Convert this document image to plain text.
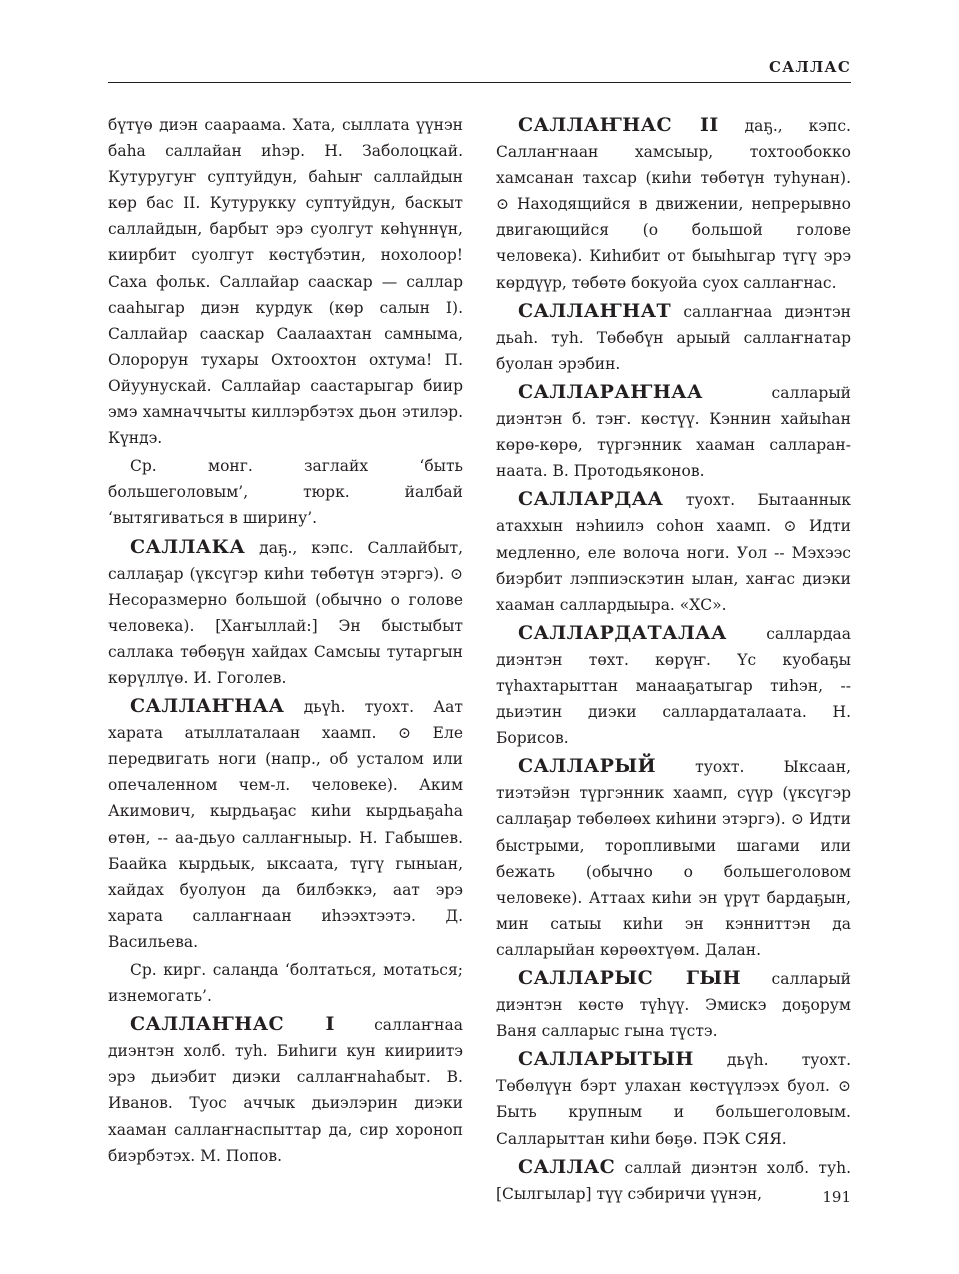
САЛЛАС

бүтүө диэн саараама. Хата, сыллата үүнэн баһа саллайан иһэр. Н. Заболоцкай. Кутуругуҥ суптуйдун, баһыҥ саллайдын көр бас II. Кутурукку суптуйдун, баскыт саллайдын, барбыт эрэ суолгут көһүннүн, киирбит суолгут көстүбэтин, нохолоор! Саха фольк. Саллайар сааскар — саллар сааһыгар диэн курдук (көр салын I). Саллайар сааскар Саалаахтан самныма, Олорорун тухары Охтоохтон охтума! П. Ойуунускай. Саллайар саастарыгар биир эмэ хамначчыты киллэрбэтэх дьон этилэр. Күндэ.

Ср. монг. заглайх ‘быть большеголовым’, тюрк. йалбай ‘вытягиваться в ширину’.

САЛЛАКА даҕ., кэпс. Саллайбыт, саллаҕар (үксүгэр киһи төбөтүн этэргэ). ⊙ Несоразмерно большой (обычно о голове человека). [Хаҥыллай:] Эн быстыбыт саллака төбөҕүн хайдах Самсыы тутаргын көрүллүө. И. Гоголев.

САЛЛАҤНАА дьүһ. туохт. Аат харата атыллаталаан хаамп. ⊙ Еле передвигать ноги (напр., об усталом или опечаленном чем-л. человеке). Аким Акимович, кырдьаҕас киһи кырдьаҕаһа өтөн, -- аа-дьуо саллаҥныыр. Н. Габышев. Баайка кырдьык, ыксаата, түгү гыныан, хайдах буолуон да билбэккэ, аат эрэ харата саллаҥнаан иһээхтээтэ. Д. Васильева.

Ср. кирг. салаңда ‘болтаться, мотаться; изнемогать’.

САЛЛАҤНАС I саллаҥнаа диэнтэн холб. туһ. Биһиги кун киириитэ эрэ дьиэбит диэки саллаҥнаһабыт. В. Иванов. Туос аччык дьиэлэрин диэки хааман саллаҥнаспыттар да, сир хороноп биэрбэтэх. М. Попов.

САЛЛАҤНАС II даҕ., кэпс. Саллаҥнаан хамсыыр, тохтообокко хамсанан тахсар (киһи төбөтүн туһунан). ⊙ Находящийся в движении, непрерывно двигающийся (о большой голове человека). Киһибит от быыһыгар түгү эрэ көрдүүр, төбөтө бокуойа суох саллаҥнас.

САЛЛАҤНАТ саллаҥнаа диэнтэн дьаһ. туһ. Төбөбүн арыый саллаҥнатар буолан эрэбин.

САЛЛАРАҤНАА салларый диэнтэн б. тэҥ. көстүү. Кэннин хайыһан көрө-көрө, түргэнник хааман салларан-наата. В. Протодьяконов.

САЛЛАРДАА туохт. Бытааннык атаххын нэһиилэ соһон хаамп. ⊙ Идти медленно, еле волоча ноги. Уол -- Мэхээс биэрбит лэппиэскэтин ылан, хаҥас диэки хааман саллардыыра. «ХС».

САЛЛАРДАТАЛАА саллардаа диэнтэн төхт. көрүҥ. Үс куобаҕы түһахтарыттан манааҕатыгар тиһэн, -- дьиэтин диэки саллардаталаата. Н. Борисов.

САЛЛАРЫЙ туохт. Ыксаан, тиэтэйэн түргэнник хаамп, сүүр (үксүгэр саллаҕар төбөлөөх киһини этэргэ). ⊙ Идти быстрыми, торопливыми шагами или бежать (обычно о большеголовом человеке). Аттаах киһи эн үрүт бардаҕын, мин сатыы киһи эн кэнниттэн да салларыйан көрөөхтүөм. Далан.

САЛЛАРЫС ГЫН салларый диэнтэн көстө түһүү. Эмискэ доҕорум Ваня салларыс гына түстэ.

САЛЛАРЫТЫН дьүһ. туохт. Төбөлүүн бэрт улахан көстүүлээх буол. ⊙ Быть крупным и большеголовым. Салларыттан киһи бөҕө. ПЭК СЯЯ.

САЛЛАС саллай диэнтэн холб. туһ. [Сылгылар] түү сэбиричи үүнэн,	191
